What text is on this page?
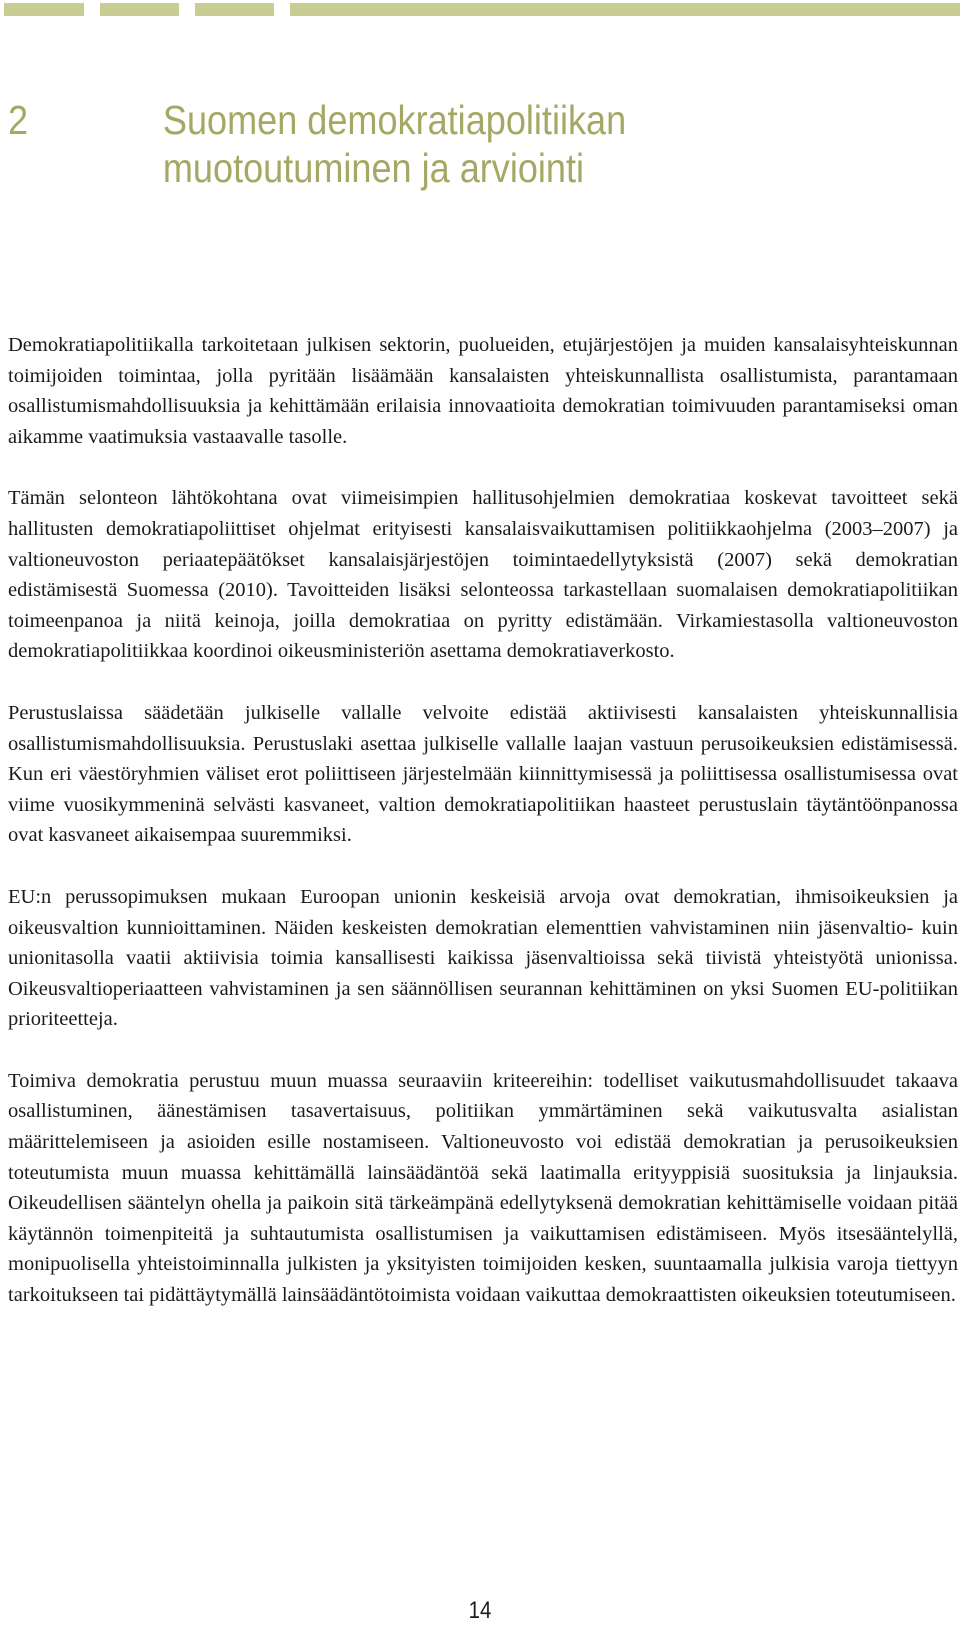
2	Suomen demokratiapolitiikan
muotoutuminen ja arviointi

Demokratiapolitiikalla tarkoitetaan julkisen sektorin, puolueiden, etujärjestöjen ja muiden kansalaisyhteiskunnan toimijoiden toimintaa, jolla pyritään lisäämään kansalaisten yhteiskunnallista osallistumista, parantamaan osallistumismahdollisuuksia ja kehittämään erilaisia innovaatioita demokratian toimivuuden parantamiseksi oman aikamme vaatimuksia vastaavalle tasolle.

Tämän selonteon lähtökohtana ovat viimeisimpien hallitusohjelmien demokratiaa koskevat tavoitteet sekä hallitusten demokratiapoliittiset ohjelmat erityisesti kansalaisvaikuttamisen politiikkaohjelma (2003–2007) ja valtioneuvoston periaatepäätökset kansalaisjärjestöjen toimintaedellytyksistä (2007) sekä demokratian edistämisestä Suomessa (2010). Tavoitteiden lisäksi selonteossa tarkastellaan suomalaisen demokratiapolitiikan toimeenpanoa ja niitä keinoja, joilla demokratiaa on pyritty edistämään. Virkamiestasolla valtioneuvoston demokratiapolitiikkaa koordinoi oikeusministeriön asettama demokratiaverkosto.

Perustuslaissa säädetään julkiselle vallalle velvoite edistää aktiivisesti kansalaisten yhteiskunnallisia osallistumismahdollisuuksia. Perustuslaki asettaa julkiselle vallalle laajan vastuun perusoikeuksien edistämisessä. Kun eri väestöryhmien väliset erot poliittiseen järjestelmään kiinnittymisessä ja poliittisessa osallistumisessa ovat viime vuosikymmeninä selvästi kasvaneet, valtion demokratiapolitiikan haasteet perustuslain täytäntöönpanossa ovat kasvaneet aikaisempaa suuremmiksi.

EU:n perussopimuksen mukaan Euroopan unionin keskeisiä arvoja ovat demokratian, ihmisoikeuksien ja oikeusvaltion kunnioittaminen. Näiden keskeisten demokratian elementtien vahvistaminen niin jäsenvaltio- kuin unionitasolla vaatii aktiivisia toimia kansallisesti kaikissa jäsenvaltioissa sekä tiivistä yhteistyötä unionissa. Oikeusvaltioperiaatteen vahvistaminen ja sen säännöllisen seurannan kehittäminen on yksi Suomen EU-politiikan prioriteetteja.

Toimiva demokratia perustuu muun muassa seuraaviin kriteereihin: todelliset vaikutusmahdollisuudet takaava osallistuminen, äänestämisen tasavertaisuus, politiikan ymmärtäminen sekä vaikutusvalta asialistan määrittelemiseen ja asioiden esille nostamiseen. Valtioneuvosto voi edistää demokratian ja perusoikeuksien toteutumista muun muassa kehittämällä lainsäädäntöä sekä laatimalla erityyppisiä suosituksia ja linjauksia. Oikeudellisen sääntelyn ohella ja paikoin sitä tärkeämpänä edellytyksenä demokratian kehittämiselle voidaan pitää käytännön toimenpiteitä ja suhtautumista osallistumisen ja vaikuttamisen edistämiseen. Myös itsesääntelyllä, monipuolisella yhteistoiminnalla julkisten ja yksityisten toimijoiden kesken, suuntaamalla julkisia varoja tiettyyn tarkoitukseen tai pidättäytymällä lainsäädäntötoimista voidaan vaikuttaa demokraattisten oikeuksien toteutumiseen.

14
